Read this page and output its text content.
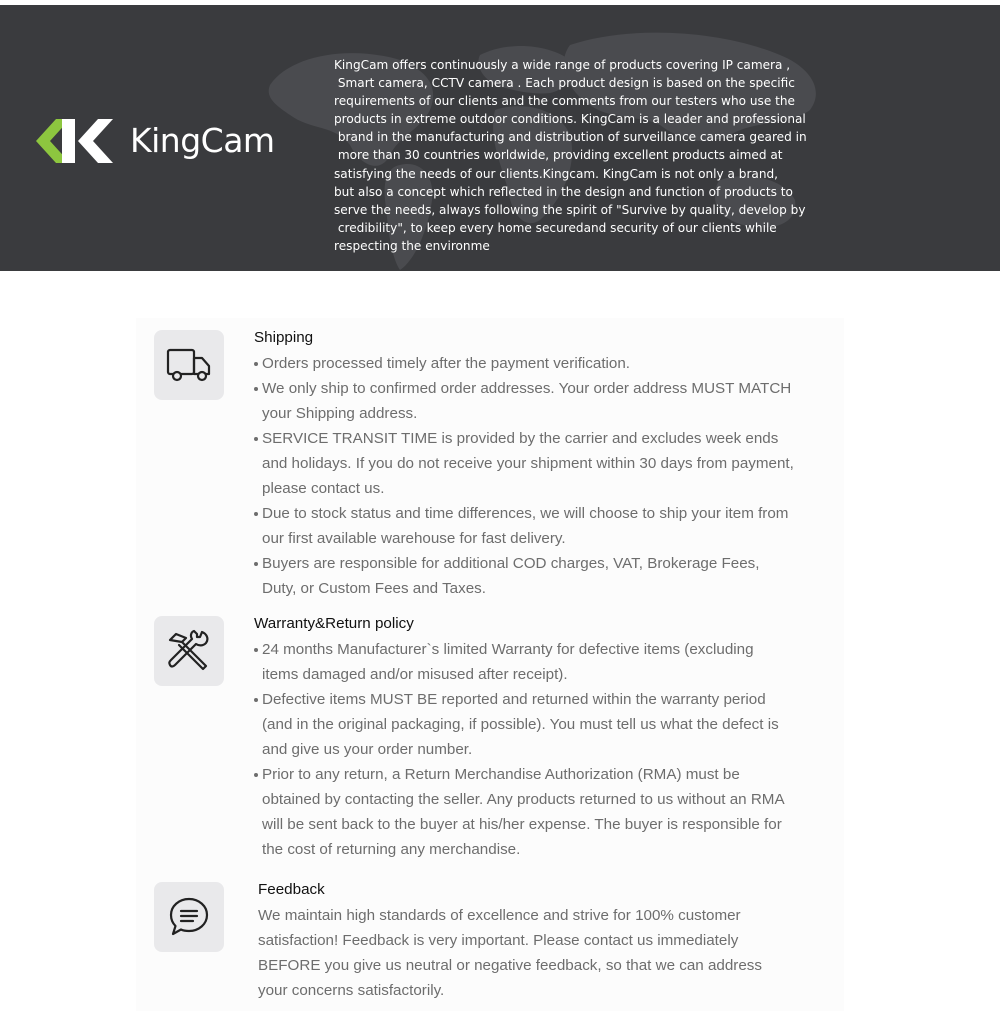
KingCam
KingCam offers continuously a wide range of products covering IP camera ,
Smart camera, CCTV camera . Each product design is based on the specific
requirements of our clients and the comments from our testers who use the
products in extreme outdoor conditions. KingCam is a leader and professional
brand in the manufacturing and distribution of surveillance camera geared in
more than 30 countries worldwide, providing excellent products aimed at
satisfying the needs of our clients.Kingcam. KingCam is not only a brand,
but also a concept which reflected in the design and function of products to
serve the needs, always following the spirit of "Survive by quality, develop by
credibility", to keep every home securedand security of our clients while
respecting the environme
Shipping
Orders processed timely after the payment verification.
We only ship to confirmed order addresses. Your order address MUST MATCH your Shipping address.
SERVICE TRANSIT TIME is provided by the carrier and excludes week ends and holidays. If you do not receive your shipment within 30 days from payment, please contact us.
Due to stock status and time differences, we will choose to ship your item from our first available warehouse for fast delivery.
Buyers are responsible for additional COD charges, VAT, Brokerage Fees, Duty, or Custom Fees and Taxes.
Warranty&Return policy
24 months Manufacturer`s limited Warranty for defective items (excluding items damaged and/or misused after receipt).
Defective items MUST BE reported and returned within the warranty period (and in the original packaging, if possible). You must tell us what the defect is and give us your order number.
Prior to any return, a Return Merchandise Authorization (RMA) must be obtained by contacting the seller. Any products returned to us without an RMA will be sent back to the buyer at his/her expense. The buyer is responsible for the cost of returning any merchandise.
Feedback
We maintain high standards of excellence and strive for 100% customer satisfaction! Feedback is very important. Please contact us immediately BEFORE you give us neutral or negative feedback, so that we can address your concerns satisfactorily.
